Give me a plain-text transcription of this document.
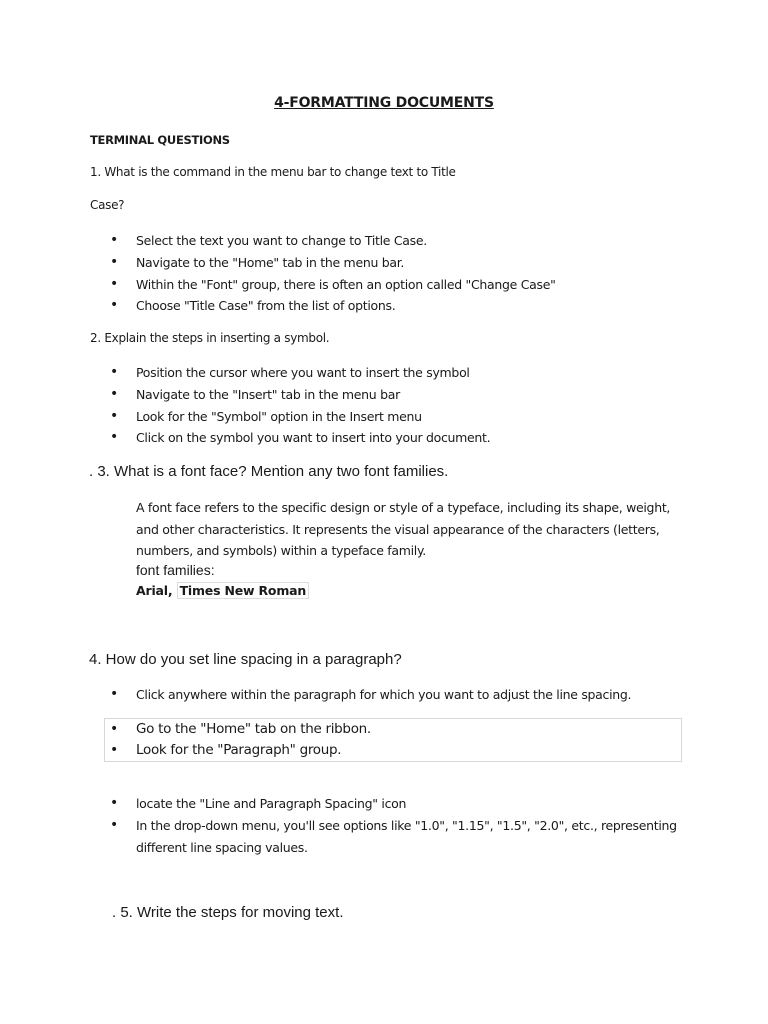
4-FORMATTING DOCUMENTS
TERMINAL QUESTIONS
1. What is the command in the menu bar to change text to Title
Case?
• Select the text you want to change to Title Case.
• Navigate to the "Home" tab in the menu bar.
• Within the "Font" group, there is often an option called "Change Case"
• Choose "Title Case" from the list of options.
2. Explain the steps in inserting a symbol.
• Position the cursor where you want to insert the symbol
• Navigate to the "Insert" tab in the menu bar
• Look for the "Symbol" option in the Insert menu
• Click on the symbol you want to insert into your document.
. 3. What is a font face? Mention any two font families.
A font face refers to the specific design or style of a typeface, including its shape, weight,
and other characteristics. It represents the visual appearance of the characters (letters,
numbers, and symbols) within a typeface family.
font families:
Arial, Times New Roman
4. How do you set line spacing in a paragraph?
• Click anywhere within the paragraph for which you want to adjust the line spacing.
• Go to the "Home" tab on the ribbon.
• Look for the "Paragraph" group.
• locate the "Line and Paragraph Spacing" icon
• In the drop-down menu, you'll see options like "1.0", "1.15", "1.5", "2.0", etc., representing
different line spacing values.
. 5. Write the steps for moving text.
